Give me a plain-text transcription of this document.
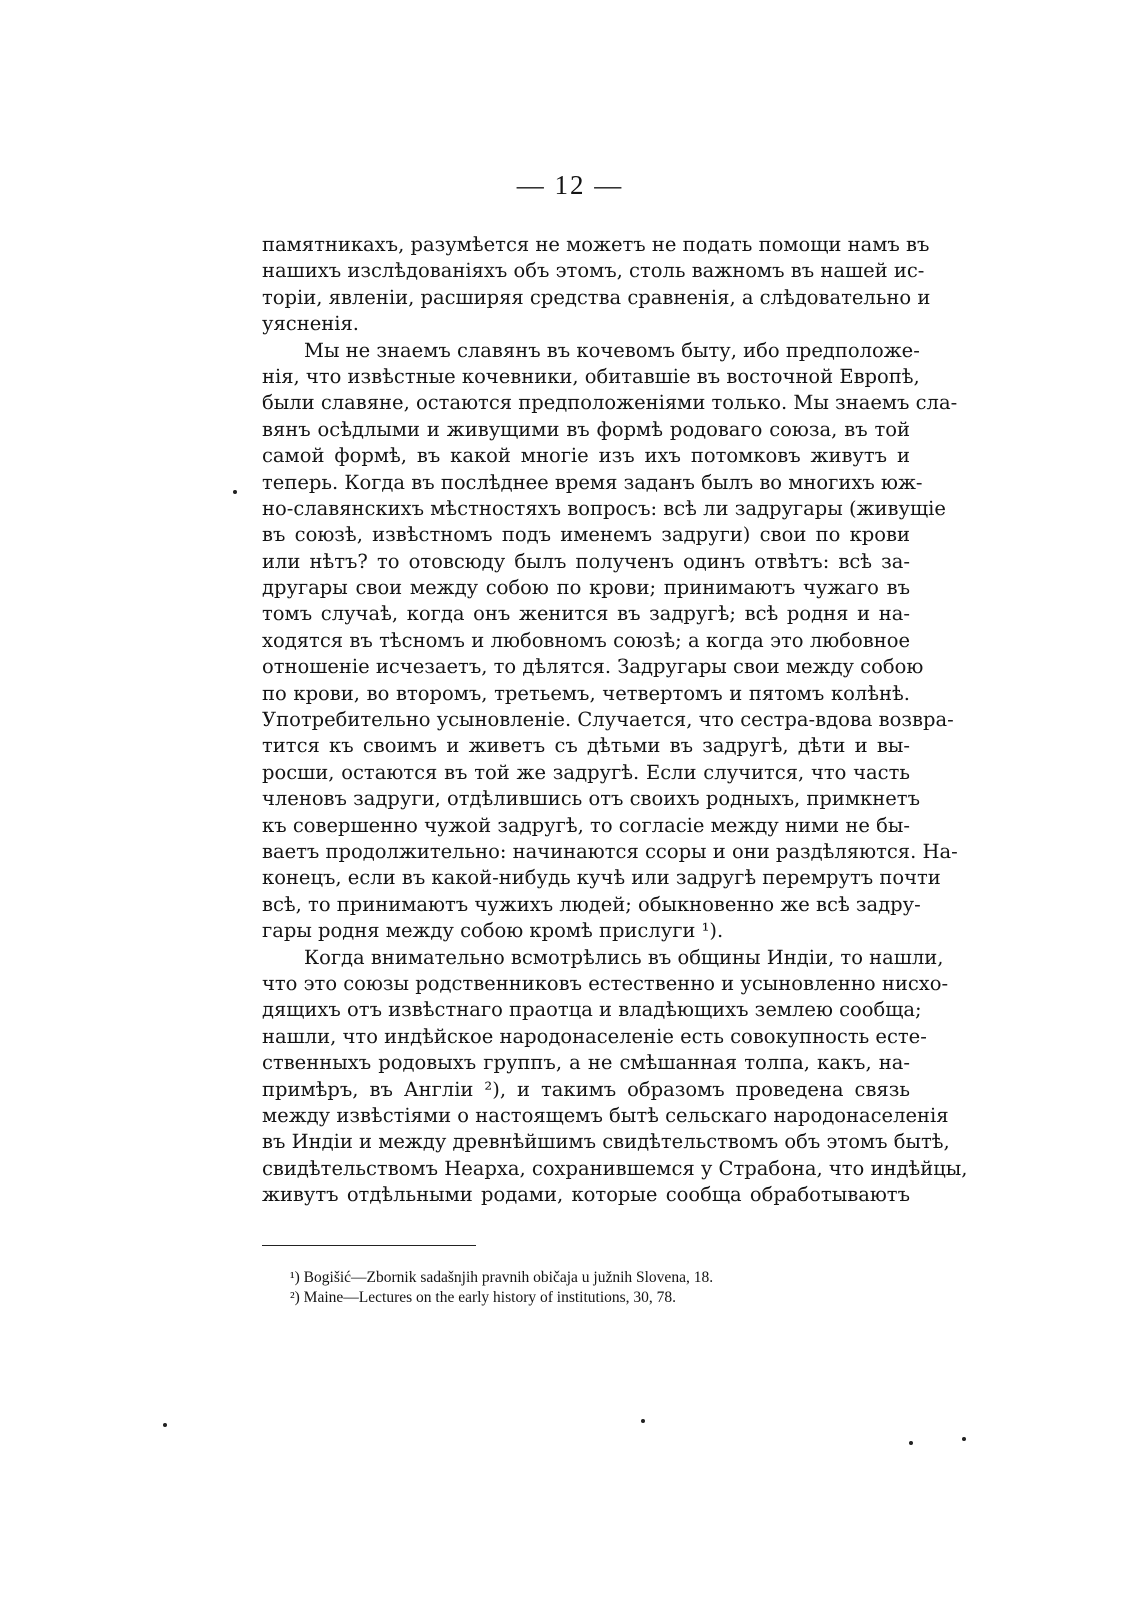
— 12 —
памятникахъ, разумѣется не можетъ не подать помощи намъ въ
нашихъ изслѣдованіяхъ объ этомъ, столь важномъ въ нашей ис-
торіи, явленіи, расширяя средства сравненія, а слѣдовательно и
уясненія.
Мы не знаемъ славянъ въ кочевомъ быту, ибо предположе-
нія, что извѣстные кочевники, обитавшіе въ восточной Европѣ,
были славяне, остаются предположеніями только. Мы знаемъ сла-
вянъ осѣдлыми и живущими въ формѣ родоваго союза, въ той
самой формѣ, въ какой многіе изъ ихъ потомковъ живутъ и
теперь. Когда въ послѣднее время заданъ былъ во многихъ юж-
но-славянскихъ мѣстностяхъ вопросъ: всѣ ли задругары (живущіе
въ союзѣ, извѣстномъ подъ именемъ задруги) свои по крови
или нѣтъ? то отовсюду былъ полученъ одинъ отвѣтъ: всѣ за-
другары свои между собою по крови; принимаютъ чужаго въ
томъ случаѣ, когда онъ женится въ задругѣ; всѣ родня и на-
ходятся въ тѣсномъ и любовномъ союзѣ; а когда это любовное
отношеніе исчезаетъ, то дѣлятся. Задругары свои между собою
по крови, во второмъ, третьемъ, четвертомъ и пятомъ колѣнѣ.
Употребительно усыновленіе. Случается, что сестра-вдова возвра-
тится къ своимъ и живетъ съ дѣтьми въ задругѣ, дѣти и вы-
росши, остаются въ той же задругѣ. Если случится, что часть
членовъ задруги, отдѣлившись отъ своихъ родныхъ, примкнетъ
къ совершенно чужой задругѣ, то согласіе между ними не бы-
ваетъ продолжительно: начинаются ссоры и они раздѣляются. На-
конецъ, если въ какой-нибудь кучѣ или задругѣ перемрутъ почти
всѣ, то принимаютъ чужихъ людей; обыкновенно же всѣ задру-
гары родня между собою кромѣ прислуги ¹).
Когда внимательно всмотрѣлись въ общины Индіи, то нашли,
что это союзы родственниковъ естественно и усыновленно нисхо-
дящихъ отъ извѣстнаго праотца и владѣющихъ землею сообща;
нашли, что индѣйское народонаселеніе есть совокупность есте-
ственныхъ родовыхъ группъ, а не смѣшанная толпа, какъ, на-
примѣръ, въ Англіи ²), и такимъ образомъ проведена связь
между извѣстіями о настоящемъ бытѣ сельскаго народонаселенія
въ Индіи и между древнѣйшимъ свидѣтельствомъ объ этомъ бытѣ,
свидѣтельствомъ Неарха, сохранившемся у Страбона, что индѣйцы,
живутъ отдѣльными родами, которые сообща обработываютъ
¹) Bogišić—Zbornik sadašnjih pravnih običaja u južnih Slovena, 18.
²) Maine—Lectures on the early history of institutions, 30, 78.
